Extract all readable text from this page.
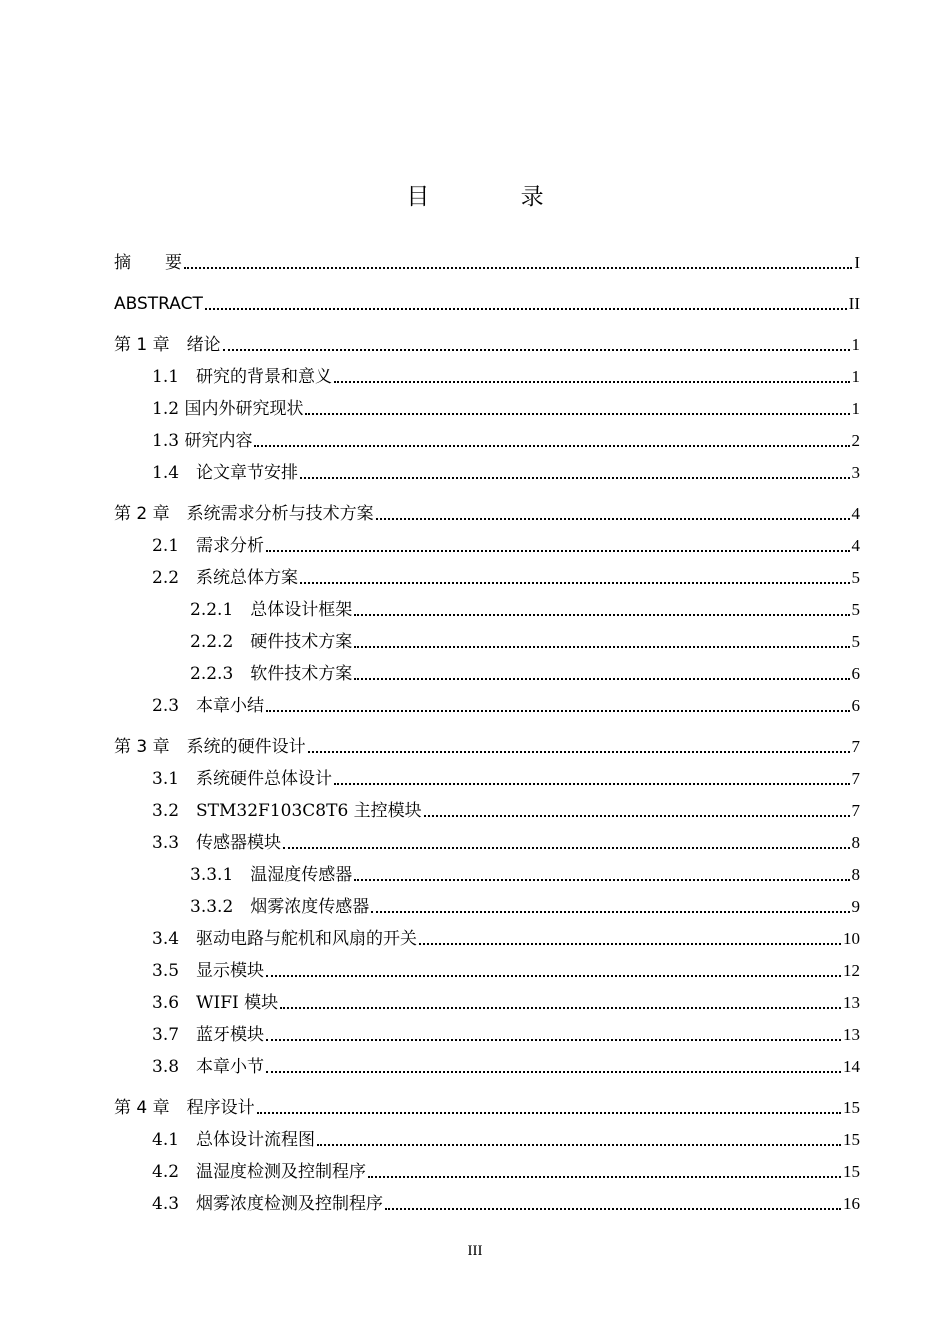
目 录
摘　　要	I
ABSTRACT	II
第 1 章　绪论	1
1.1　研究的背景和意义	1
1.2 国内外研究现状	1
1.3 研究内容	2
1.4　论文章节安排	3
第 2 章　系统需求分析与技术方案	4
2.1　需求分析	4
2.2　系统总体方案	5
2.2.1　总体设计框架	5
2.2.2　硬件技术方案	5
2.2.3　软件技术方案	6
2.3　本章小结	6
第 3 章　系统的硬件设计	7
3.1　系统硬件总体设计	7
3.2　STM32F103C8T6 主控模块	7
3.3　传感器模块	8
3.3.1　温湿度传感器	8
3.3.2　烟雾浓度传感器	9
3.4　驱动电路与舵机和风扇的开关	10
3.5　显示模块	12
3.6　WIFI 模块	13
3.7　蓝牙模块	13
3.8　本章小节	14
第 4 章　程序设计	15
4.1　总体设计流程图	15
4.2　温湿度检测及控制程序	15
4.3　烟雾浓度检测及控制程序	16
III
